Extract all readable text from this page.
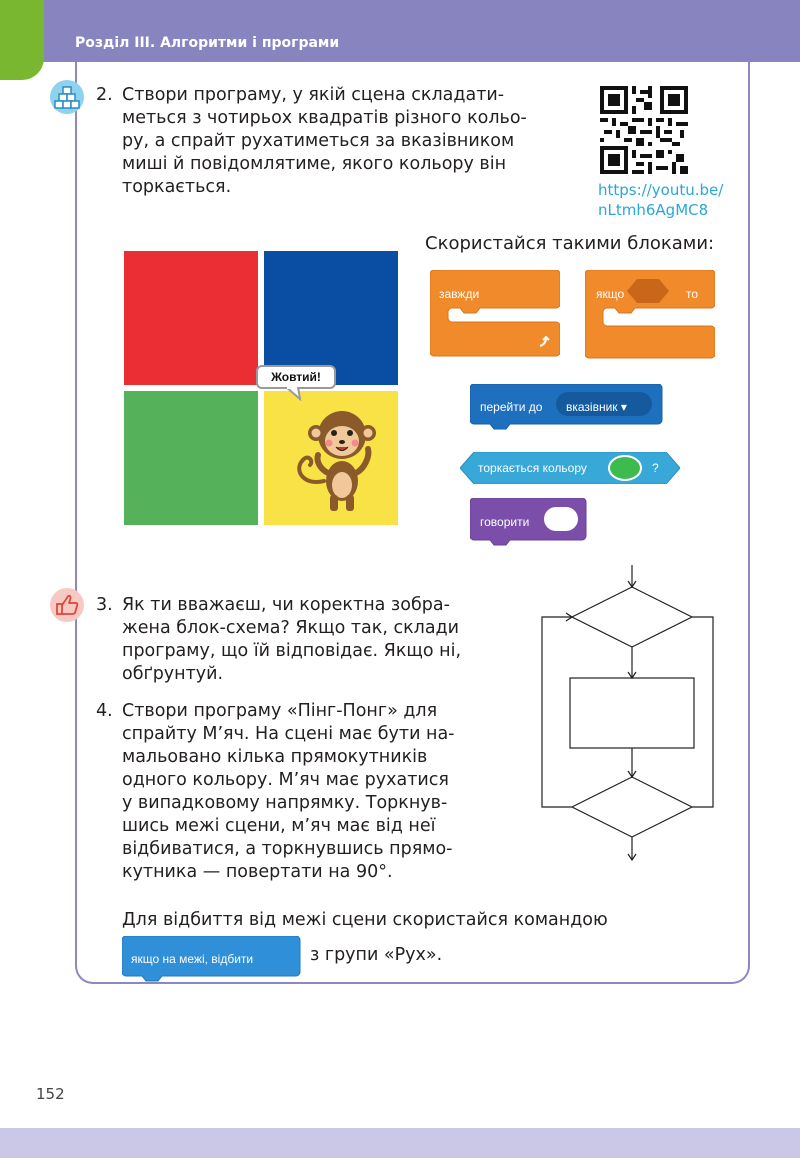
Розділ ІІІ. Алгоритми і програми
2. Створи програму, у якій сцена складати-
меться з чотирьох квадратів різного кольо-
ру, а спрайт рухатиметься за вказівником
миші й повідомлятиме, якого кольору він
торкається.	https://youtu.be/
nLtmh6AgMC8
Жовтий!
Скористайся такими блоками:
завжди	якщо	то
перейти до вказівник ▾
торкається кольору	?
говорити
3. Як ти вважаєш, чи коректна зобра-
жена блок-схема? Якщо так, склади
програму, що їй відповідає. Якщо ні,
обґрунтуй.
4. Створи програму «Пінг-Понг» для
спрайту М’яч. На сцені має бути на-
мальовано кілька прямокутників
одного кольору. М’яч має рухатися
у випадковому напрямку. Торкнув-
шись межі сцени, м’яч має від неї
відбиватися, а торкнувшись прямо-
кутника — повертати на 90°.
Для відбиття від межі сцени скористайся командою
якщо на межі, відбити	з групи «Рух».
152
